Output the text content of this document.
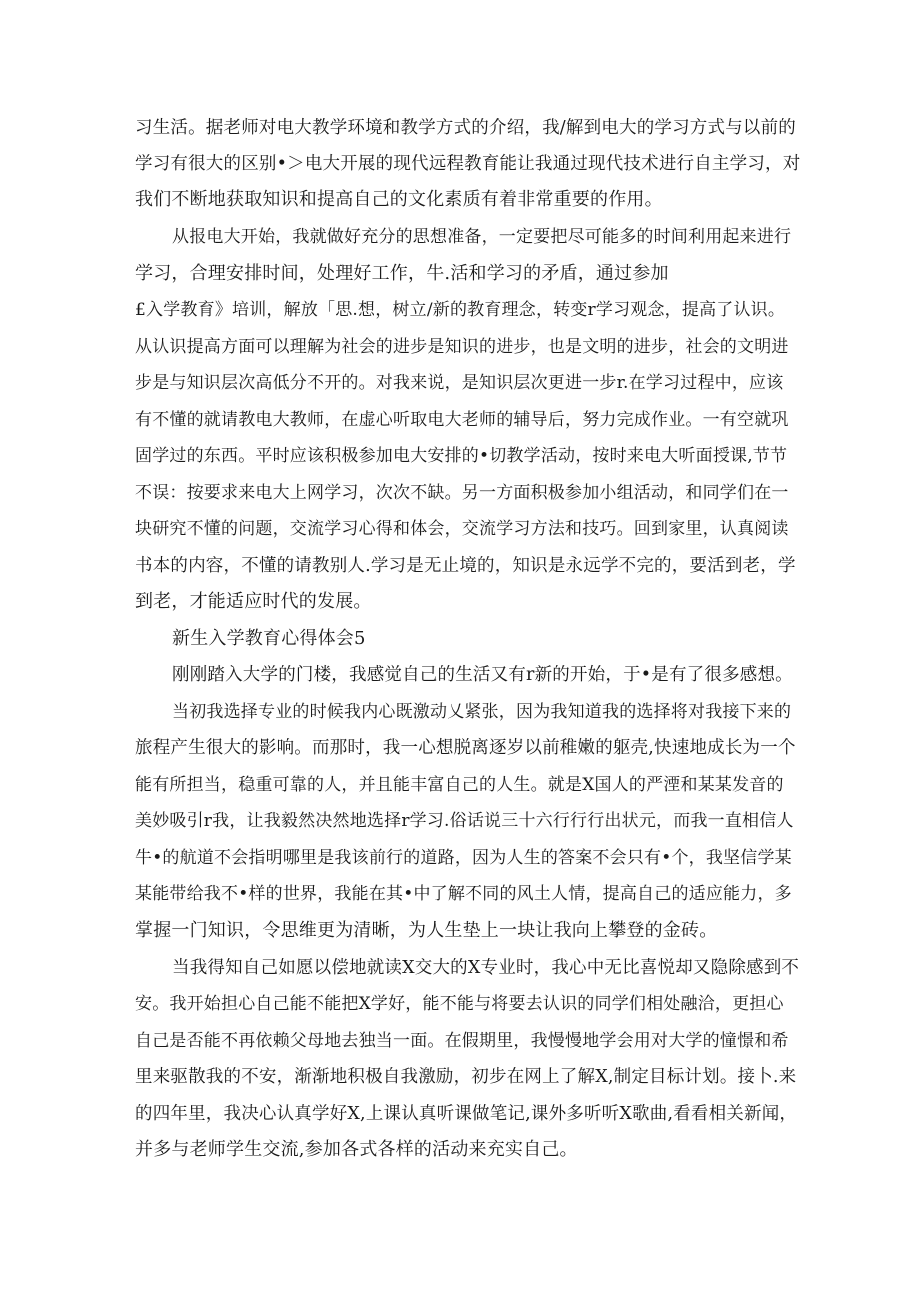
习生活。据老师对电大教学环境和教学方式的介绍，我/解到电大的学习方式与以前的

学习有很大的区别•＞电大开展的现代远程教育能让我通过现代技术进行自主学习，对

我们不断地获取知识和提高自己的文化素质有着非常重要的作用。

从报电大开始，我就做好充分的思想准备，一定要把尽可能多的时间利用起来进行

学习，合理安排时间，处理好工作，牛.活和学习的矛盾，通过参加

£入学教育》培训，解放「思.想，树立/新的教育理念，转变r学习观念，提高了认识。

从认识提高方面可以理解为社会的进步是知识的进步，也是文明的进步，社会的文明进

步是与知识层次高低分不开的。对我来说，是知识层次更进一步r.在学习过程中，应该

有不懂的就请教电大教师，在虚心听取电大老师的辅导后，努力完成作业。一有空就巩

固学过的东西。平时应该积极参加电大安排的•切教学活动，按时来电大听面授课,节节

不误：按要求来电大上网学习，次次不缺。另一方面积极参加小组活动，和同学们在一

块研究不懂的问题，交流学习心得和体会，交流学习方法和技巧。回到家里，认真阅读

书本的内容，不懂的请教别人.学习是无止境的，知识是永远学不完的，要活到老，学

到老，才能适应时代的发展。

新生入学教育心得体会5

刚刚踏入大学的门楼，我感觉自己的生活又有r新的开始，于•是有了很多感想。

当初我选择专业的时候我内心既激动乂紧张，因为我知道我的选择将对我接下来的

旅程产生很大的影响。而那时，我一心想脱离逐岁以前稚嫩的躯壳,快速地成长为一个

能有所担当，稳重可靠的人，并且能丰富自己的人生。就是X国人的严湮和某某发音的

美妙吸引r我，让我毅然决然地选择r学习.俗话说三十六行行行出状元，而我一直相信人

牛•的航道不会指明哪里是我该前行的道路，因为人生的答案不会只有•个，我坚信学某

某能带给我不•样的世界，我能在其•中了解不同的风土人情，提高自己的适应能力，多

掌握一门知识，令思维更为清晰，为人生垫上一块让我向上攀登的金砖。

当我得知自己如愿以偿地就读X交大的X专业时，我心中无比喜悦却又隐除感到不

安。我开始担心自己能不能把X学好，能不能与将要去认识的同学们相处融洽，更担心

自己是否能不再依赖父母地去独当一面。在假期里，我慢慢地学会用对大学的憧憬和希

里来驱散我的不安，渐渐地积极自我激励，初步在网上了解X,制定目标计划。接卜.来

的四年里，我决心认真学好X,上课认真听课做笔记,课外多听听X歌曲,看看相关新闻，

并多与老师学生交流,参加各式各样的活动来充实自己。
